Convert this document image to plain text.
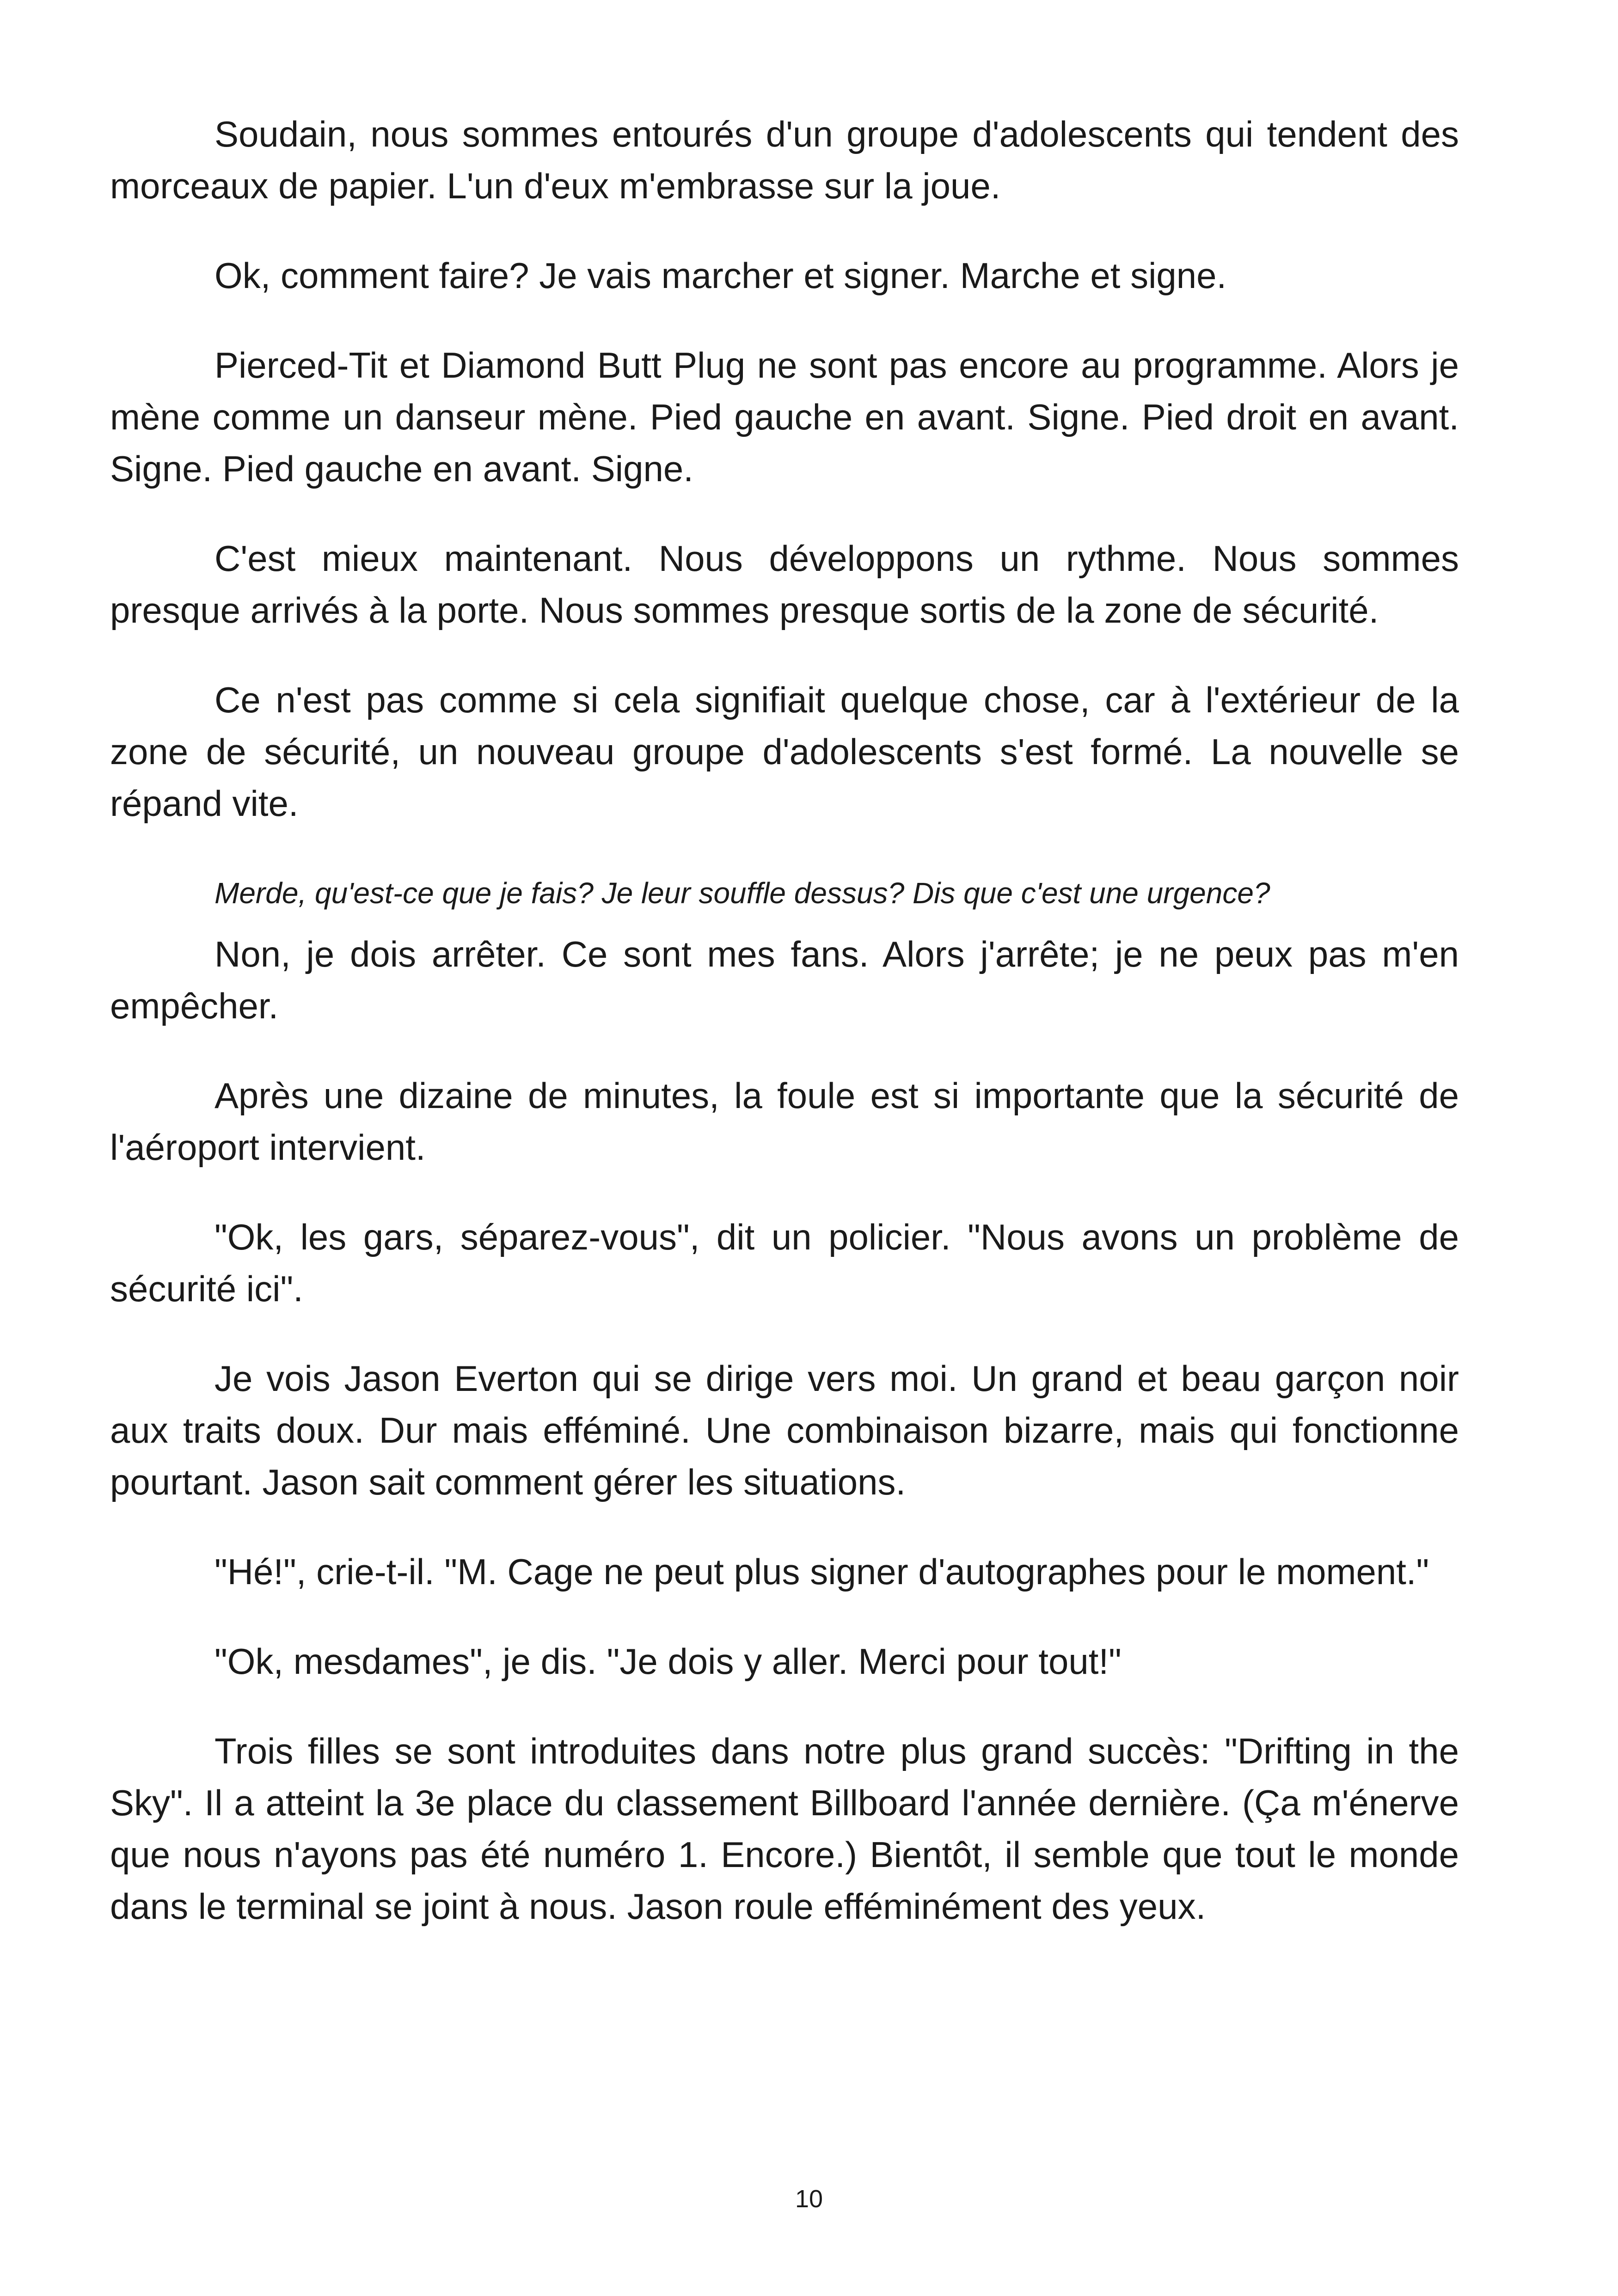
Soudain, nous sommes entourés d'un groupe d'adolescents qui tendent des morceaux de papier. L'un d'eux m'embrasse sur la joue.

Ok, comment faire? Je vais marcher et signer. Marche et signe.

Pierced-Tit et Diamond Butt Plug ne sont pas encore au programme. Alors je mène comme un danseur mène. Pied gauche en avant. Signe. Pied droit en avant. Signe. Pied gauche en avant. Signe.

C'est mieux maintenant. Nous développons un rythme. Nous sommes presque arrivés à la porte. Nous sommes presque sortis de la zone de sécurité.

Ce n'est pas comme si cela signifiait quelque chose, car à l'extérieur de la zone de sécurité, un nouveau groupe d'adolescents s'est formé. La nouvelle se répand vite.

Merde, qu'est-ce que je fais? Je leur souffle dessus? Dis que c'est une urgence?

Non, je dois arrêter. Ce sont mes fans. Alors j'arrête; je ne peux pas m'en empêcher.

Après une dizaine de minutes, la foule est si importante que la sécurité de l'aéroport intervient.

"Ok, les gars, séparez-vous", dit un policier. "Nous avons un problème de sécurité ici".

Je vois Jason Everton qui se dirige vers moi. Un grand et beau garçon noir aux traits doux. Dur mais efféminé. Une combinaison bizarre, mais qui fonctionne pourtant. Jason sait comment gérer les situations.

"Hé!", crie-t-il. "M. Cage ne peut plus signer d'autographes pour le moment."

"Ok, mesdames", je dis. "Je dois y aller. Merci pour tout!"

Trois filles se sont introduites dans notre plus grand succès: "Drifting in the Sky". Il a atteint la 3e place du classement Billboard l'année dernière. (Ça m'énerve que nous n'ayons pas été numéro 1. Encore.) Bientôt, il semble que tout le monde dans le terminal se joint à nous. Jason roule efféminément des yeux.

10
